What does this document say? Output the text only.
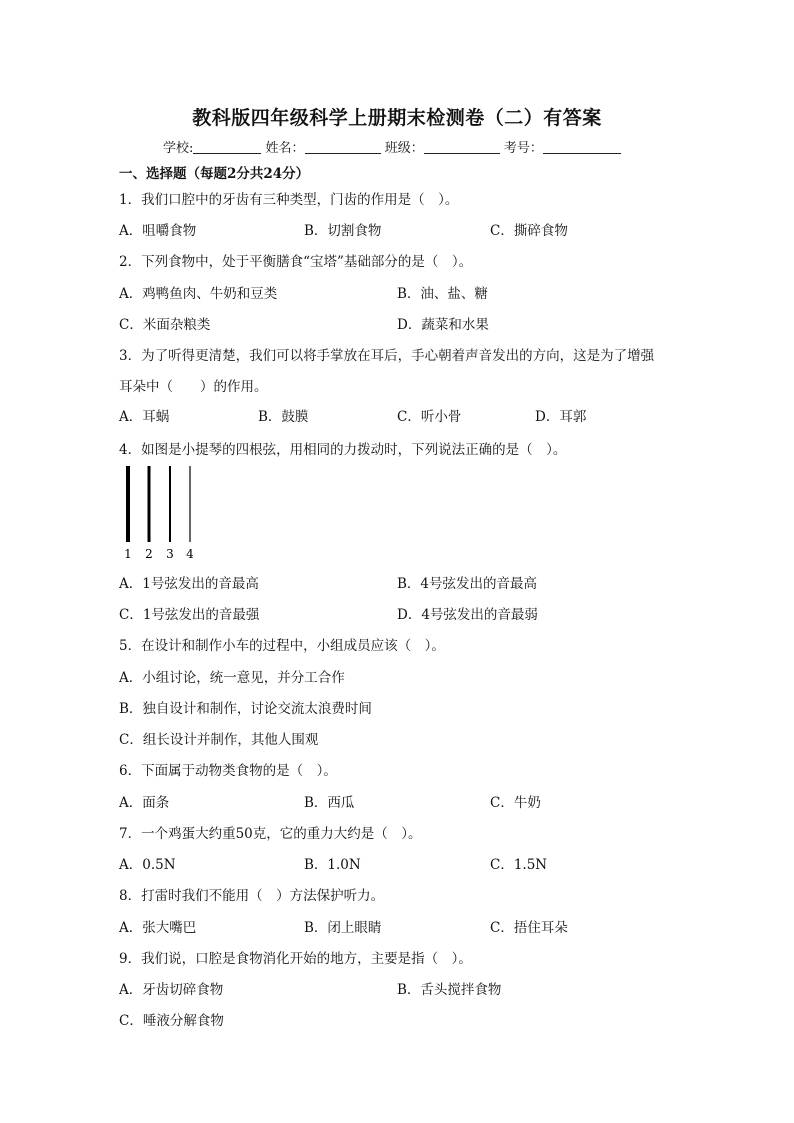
教科版四年级科学上册期末检测卷（二）有答案
学校:	姓名：	班级：	考号：
一、选择题（每题2分共24分）
1．我们口腔中的牙齿有三种类型，门齿的作用是（　）。
A．咀嚼食物	B．切割食物	C．撕碎食物
2．下列食物中，处于平衡膳食“宝塔”基础部分的是（　）。
A．鸡鸭鱼肉、牛奶和豆类	B．油、盐、糖
C．米面杂粮类	D．蔬菜和水果
3．为了听得更清楚，我们可以将手掌放在耳后，手心朝着声音发出的方向，这是为了增强
耳朵中（　　）的作用。
A．耳蜗	B．鼓膜	C．听小骨	D．耳郭
4．如图是小提琴的四根弦，用相同的力拨动时，下列说法正确的是（　）。
1 2 3 4
A．1号弦发出的音最高	B．4号弦发出的音最高
C．1号弦发出的音最强	D．4号弦发出的音最弱
5．在设计和制作小车的过程中，小组成员应该（　）。
A．小组讨论，统一意见，并分工合作
B．独自设计和制作，讨论交流太浪费时间
C．组长设计并制作，其他人围观
6．下面属于动物类食物的是（　）。
A．面条	B．西瓜	C．牛奶
7．一个鸡蛋大约重50克，它的重力大约是（　）。
A．0.5N	B．1.0N	C．1.5N
8．打雷时我们不能用（　）方法保护听力。
A．张大嘴巴	B．闭上眼睛	C．捂住耳朵
9．我们说，口腔是食物消化开始的地方，主要是指（　）。
A．牙齿切碎食物	B．舌头搅拌食物
C．唾液分解食物
